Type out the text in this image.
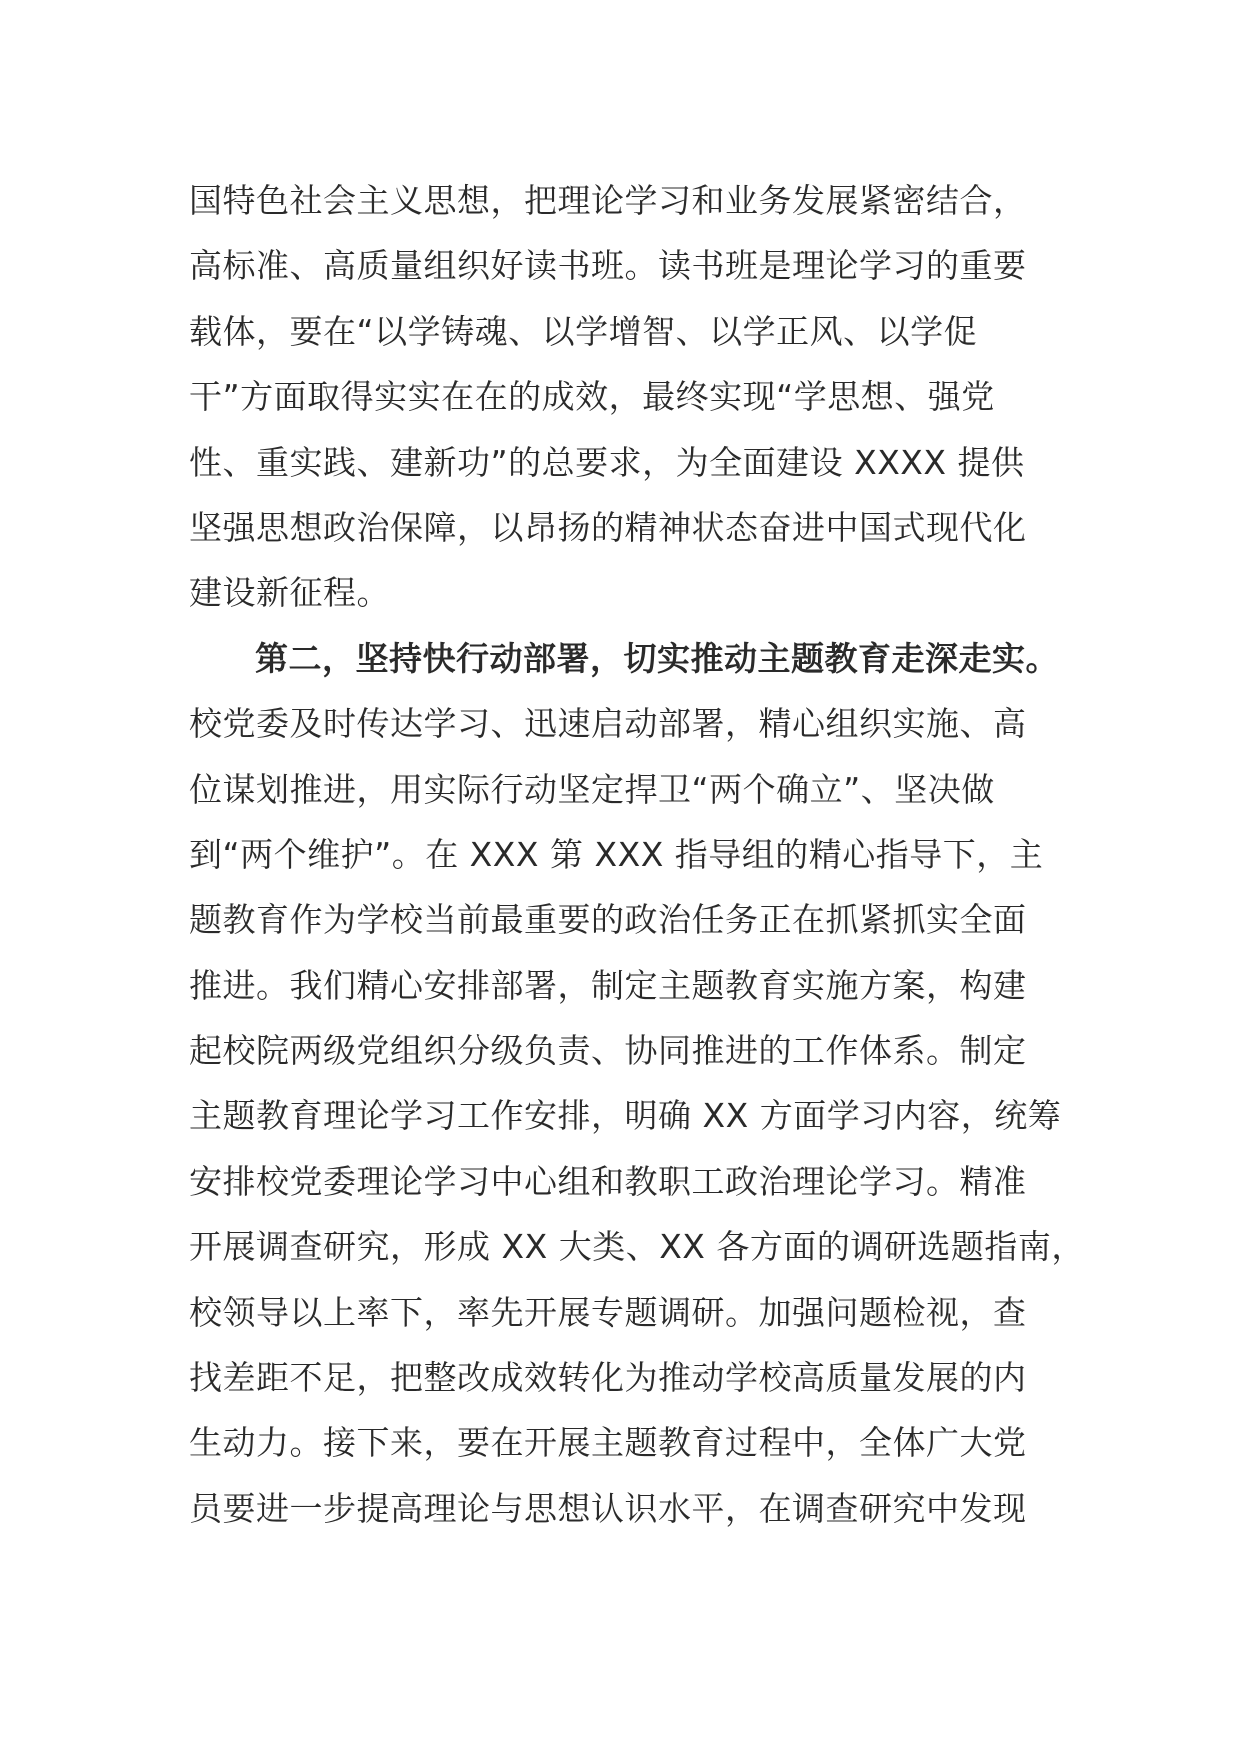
国特色社会主义思想，把理论学习和业务发展紧密结合，
高标准、高质量组织好读书班。读书班是理论学习的重要
载体，要在“以学铸魂、以学增智、以学正风、以学促
干”方面取得实实在在的成效，最终实现“学思想、强党
性、重实践、建新功”的总要求，为全面建设 XXXX 提供
坚强思想政治保障，以昂扬的精神状态奋进中国式现代化
建设新征程。
第二，坚持快行动部署，切实推动主题教育走深走实。
校党委及时传达学习、迅速启动部署，精心组织实施、高
位谋划推进，用实际行动坚定捍卫“两个确立”、坚决做
到“两个维护”。在 XXX 第 XXX 指导组的精心指导下，主
题教育作为学校当前最重要的政治任务正在抓紧抓实全面
推进。我们精心安排部署，制定主题教育实施方案，构建
起校院两级党组织分级负责、协同推进的工作体系。制定
主题教育理论学习工作安排，明确 XX 方面学习内容，统筹
安排校党委理论学习中心组和教职工政治理论学习。精准
开展调查研究，形成 XX 大类、XX 各方面的调研选题指南，
校领导以上率下，率先开展专题调研。加强问题检视，查
找差距不足，把整改成效转化为推动学校高质量发展的内
生动力。接下来，要在开展主题教育过程中，全体广大党
员要进一步提高理论与思想认识水平，在调查研究中发现
